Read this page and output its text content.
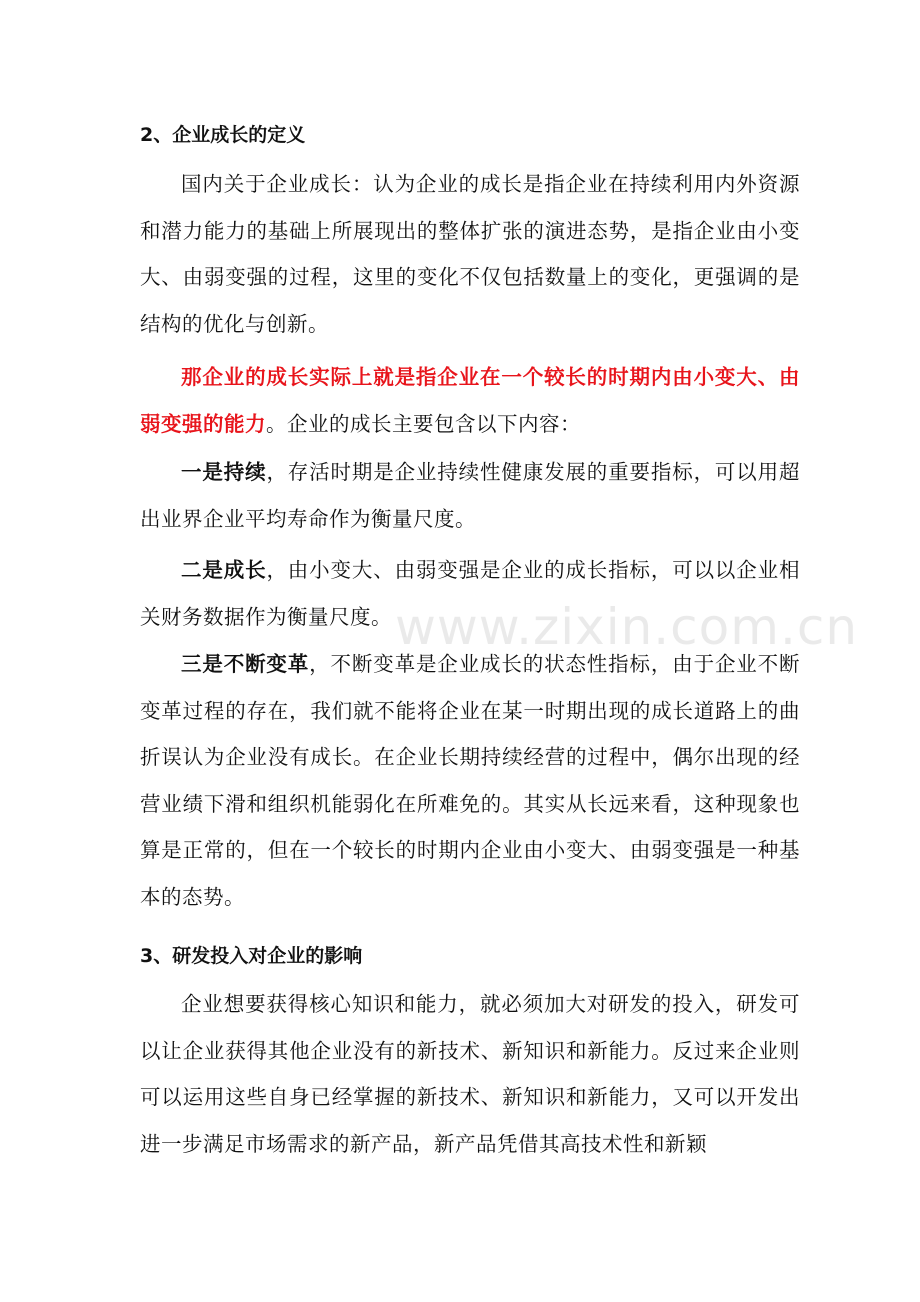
2、企业成长的定义

国内关于企业成长：认为企业的成长是指企业在持续利用内外资源和潜力能力的基础上所展现出的整体扩张的演进态势，是指企业由小变大、由弱变强的过程，这里的变化不仅包括数量上的变化，更强调的是结构的优化与创新。

那企业的成长实际上就是指企业在一个较长的时期内由小变大、由弱变强的能力。企业的成长主要包含以下内容：

一是持续，存活时期是企业持续性健康发展的重要指标，可以用超出业界企业平均寿命作为衡量尺度。

二是成长，由小变大、由弱变强是企业的成长指标，可以以企业相关财务数据作为衡量尺度。

三是不断变革，不断变革是企业成长的状态性指标，由于企业不断变革过程的存在，我们就不能将企业在某一时期出现的成长道路上的曲折误认为企业没有成长。在企业长期持续经营的过程中，偶尔出现的经营业绩下滑和组织机能弱化在所难免的。其实从长远来看，这种现象也算是正常的，但在一个较长的时期内企业由小变大、由弱变强是一种基本的态势。

3、研发投入对企业的影响

企业想要获得核心知识和能力，就必须加大对研发的投入，研发可以让企业获得其他企业没有的新技术、新知识和新能力。反过来企业则可以运用这些自身已经掌握的新技术、新知识和新能力，又可以开发出进一步满足市场需求的新产品，新产品凭借其高技术性和新颖

www.zixin.com.cn
